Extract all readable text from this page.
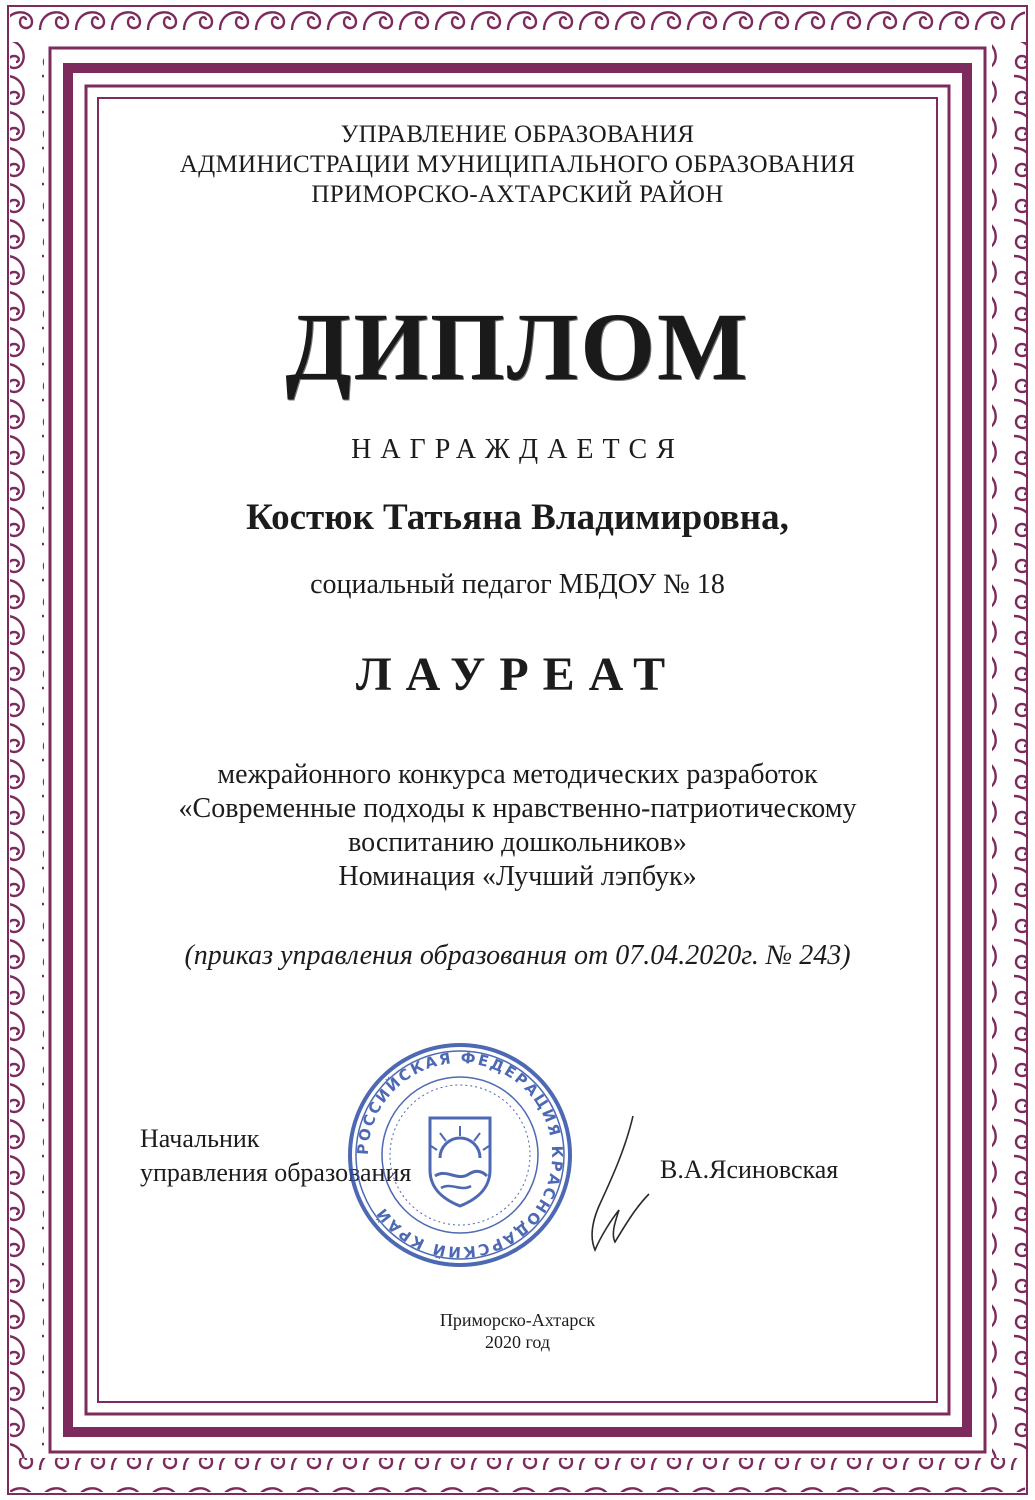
УПРАВЛЕНИЕ ОБРАЗОВАНИЯ
АДМИНИСТРАЦИИ МУНИЦИПАЛЬНОГО ОБРАЗОВАНИЯ
ПРИМОРСКО-АХТАРСКИЙ РАЙОН

ДИПЛОМ

НАГРАЖДАЕТСЯ

Костюк Татьяна Владимировна,

социальный педагог МБДОУ № 18

ЛАУРЕАТ

межрайонного конкурса методических разработок
«Современные подходы к нравственно-патриотическому
воспитанию дошкольников»
Номинация «Лучший лэпбук»

(приказ управления образования от 07.04.2020г. № 243)

Начальник
управления образования

РОССИЙСКАЯ ФЕДЕРАЦИЯ КРАСНОДАРСКИЙ КРАЙ

В.А.Ясиновская

Приморско-Ахтарск
2020 год
